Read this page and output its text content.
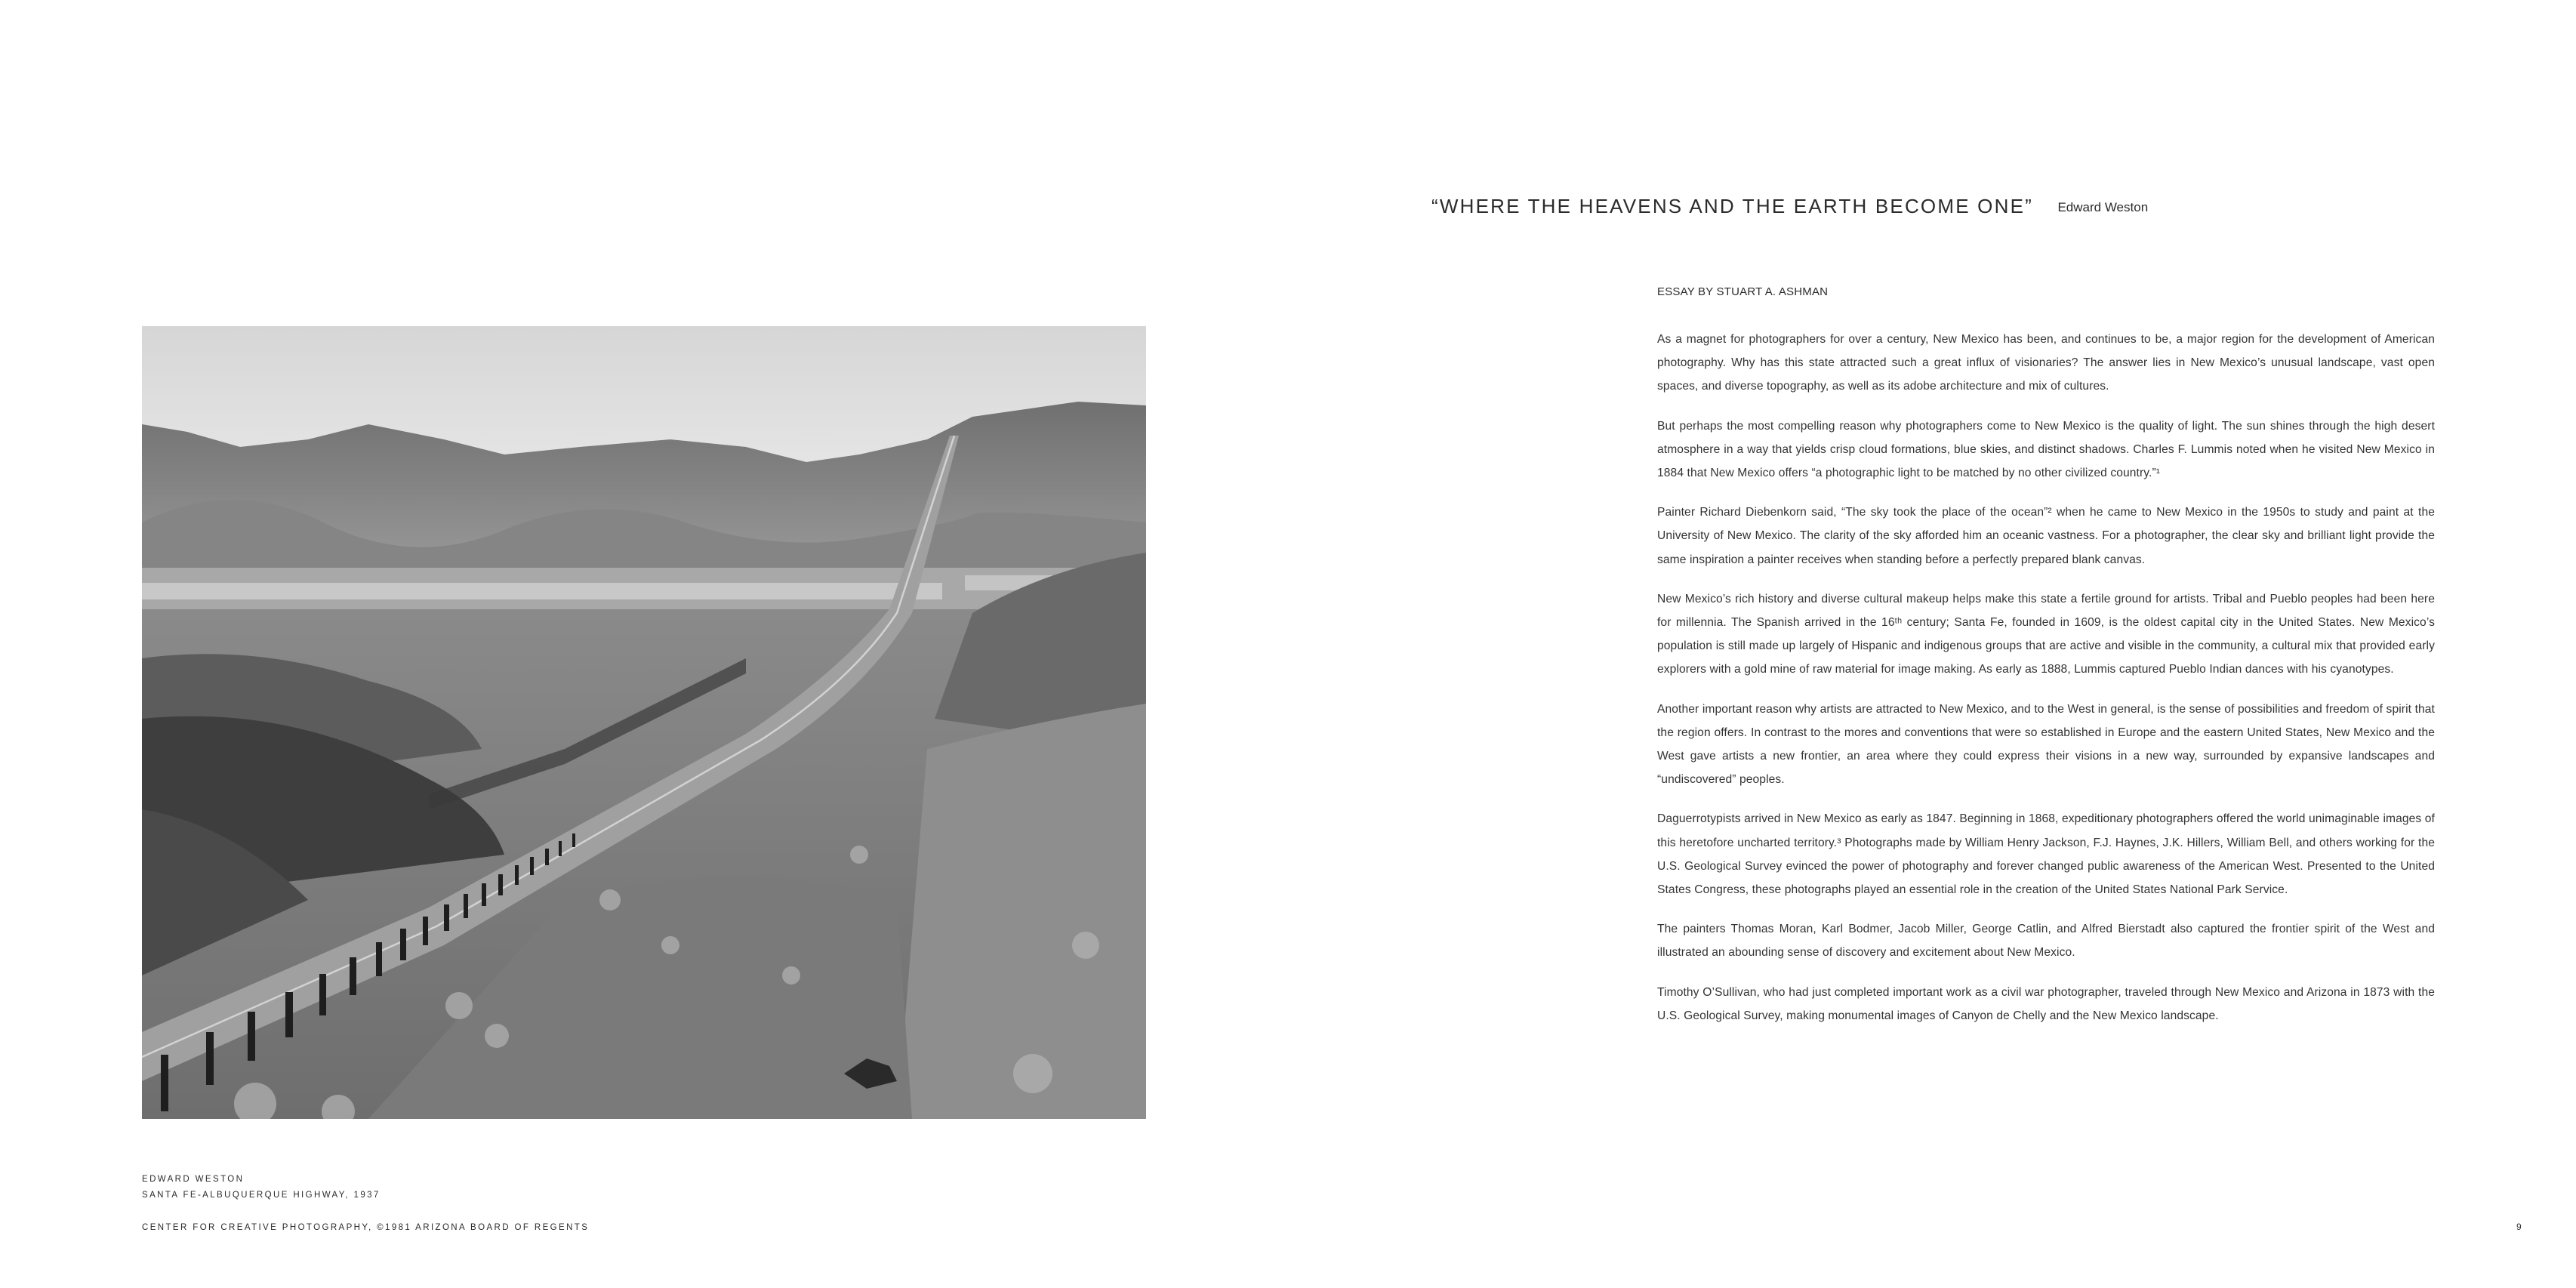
“WHERE THE HEAVENS AND THE EARTH BECOME ONE” Edward Weston
ESSAY BY STUART A. ASHMAN

As a magnet for photographers for over a century, New Mexico has been, and continues to be, a major region for the development of American photography. Why has this state attracted such a great influx of visionaries? The answer lies in New Mexico’s unusual landscape, vast open spaces, and diverse topography, as well as its adobe architecture and mix of cultures.

But perhaps the most compelling reason why photographers come to New Mexico is the quality of light. The sun shines through the high desert atmosphere in a way that yields crisp cloud formations, blue skies, and distinct shadows. Charles F. Lummis noted when he visited New Mexico in 1884 that New Mexico offers “a photographic light to be matched by no other civilized country.”¹

Painter Richard Diebenkorn said, “The sky took the place of the ocean”² when he came to New Mexico in the 1950s to study and paint at the University of New Mexico. The clarity of the sky afforded him an oceanic vastness. For a photographer, the clear sky and brilliant light provide the same inspiration a painter receives when standing before a perfectly prepared blank canvas.

New Mexico’s rich history and diverse cultural makeup helps make this state a fertile ground for artists. Tribal and Pueblo peoples had been here for millennia. The Spanish arrived in the 16ᵗʰ century; Santa Fe, founded in 1609, is the oldest capital city in the United States. New Mexico’s population is still made up largely of Hispanic and indigenous groups that are active and visible in the community, a cultural mix that provided early explorers with a gold mine of raw material for image making. As early as 1888, Lummis captured Pueblo Indian dances with his cyanotypes.

Another important reason why artists are attracted to New Mexico, and to the West in general, is the sense of possibilities and freedom of spirit that the region offers. In contrast to the mores and conventions that were so established in Europe and the eastern United States, New Mexico and the West gave artists a new frontier, an area where they could express their visions in a new way, surrounded by expansive landscapes and “undiscovered” peoples.

Daguerrotypists arrived in New Mexico as early as 1847. Beginning in 1868, expeditionary photographers offered the world unimaginable images of this heretofore uncharted territory.³ Photographs made by William Henry Jackson, F.J. Haynes, J.K. Hillers, William Bell, and others working for the U.S. Geological Survey evinced the power of photography and forever changed public awareness of the American West. Presented to the United States Congress, these photographs played an essential role in the creation of the United States National Park Service.

The painters Thomas Moran, Karl Bodmer, Jacob Miller, George Catlin, and Alfred Bierstadt also captured the frontier spirit of the West and illustrated an abounding sense of discovery and excitement about New Mexico.

Timothy O’Sullivan, who had just completed important work as a civil war photographer, traveled through New Mexico and Arizona in 1873 with the U.S. Geological Survey, making monumental images of Canyon de Chelly and the New Mexico landscape.

EDWARD WESTON
SANTA FE-ALBUQUERQUE HIGHWAY, 1937
CENTER FOR CREATIVE PHOTOGRAPHY, ©1981 ARIZONA BOARD OF REGENTS	9
